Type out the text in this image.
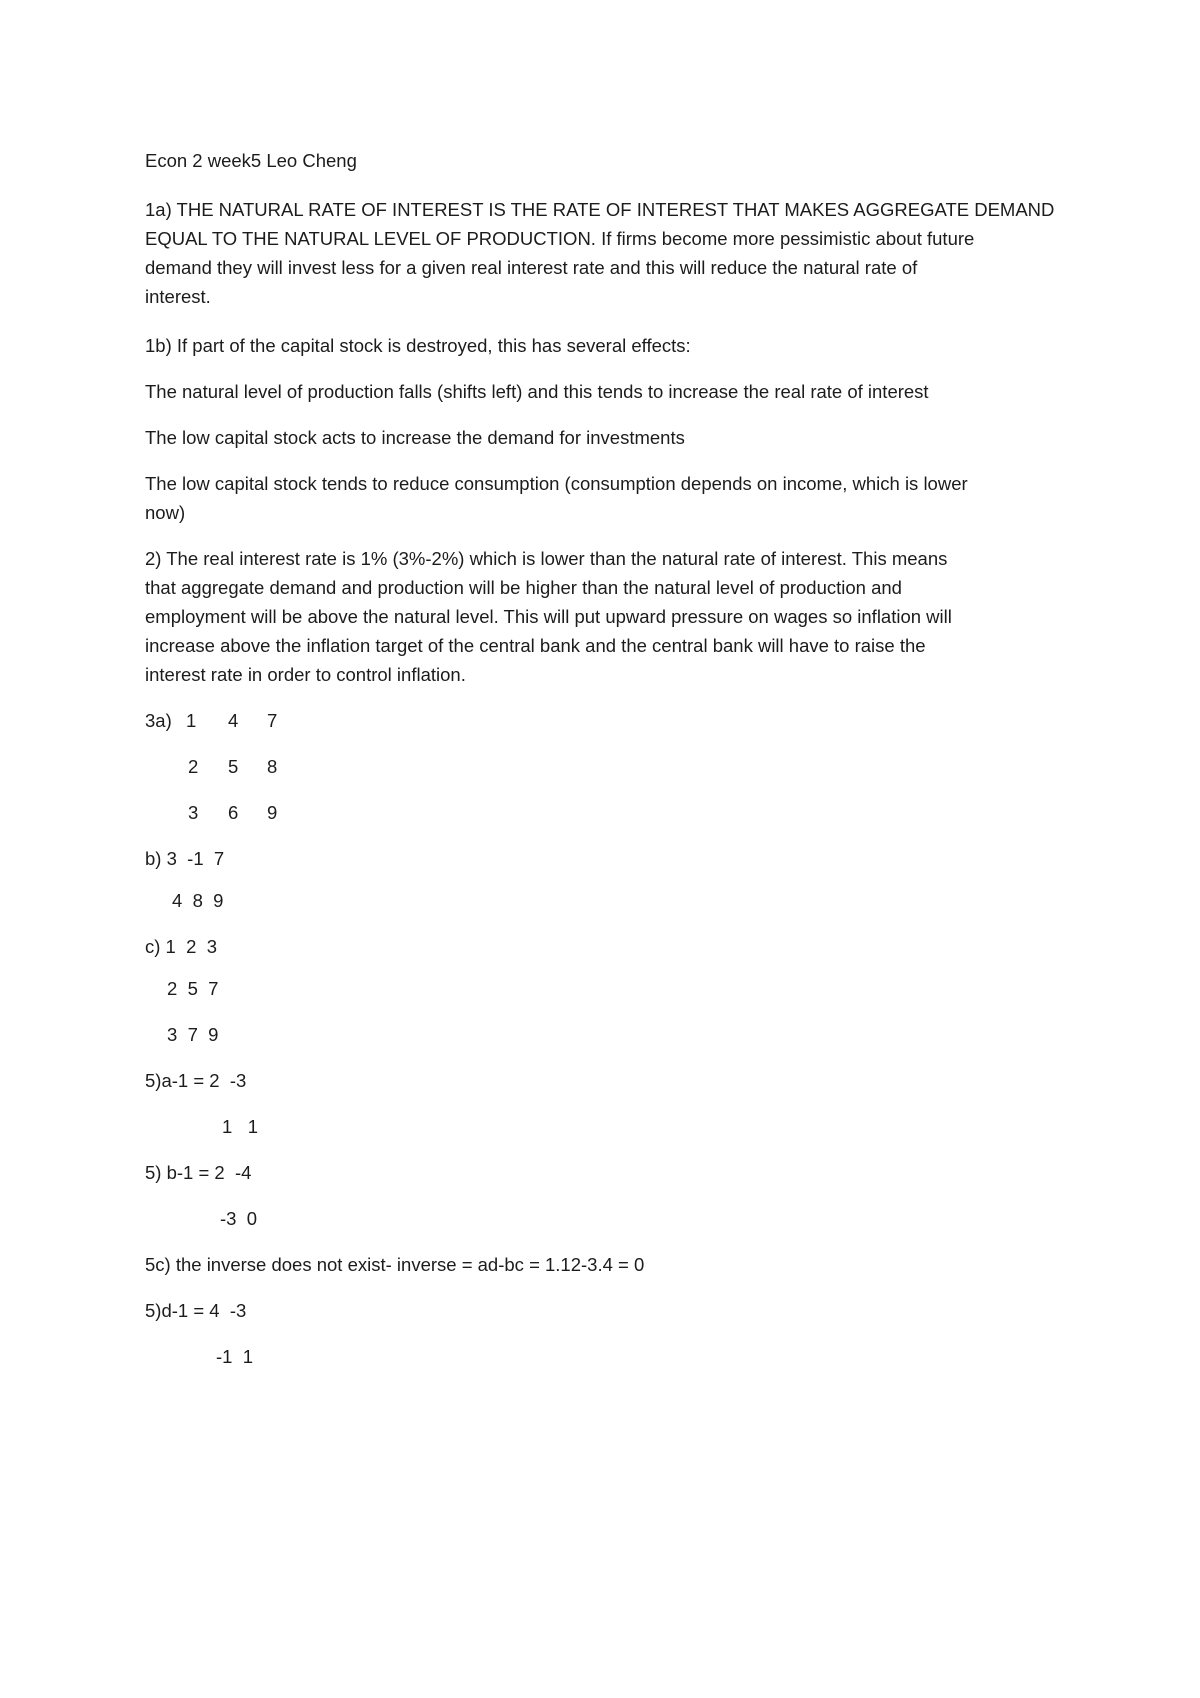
Econ 2 week5 Leo Cheng

1a) THE NATURAL RATE OF INTEREST IS THE RATE OF INTEREST THAT MAKES AGGREGATE DEMAND

EQUAL TO THE NATURAL LEVEL OF PRODUCTION. If firms become more pessimistic about future

demand they will invest less for a given real interest rate and this will reduce the natural rate of

interest.

1b) If part of the capital stock is destroyed, this has several effects:

The natural level of production falls (shifts left) and this tends to increase the real rate of interest

The low capital stock acts to increase the demand for investments

The low capital stock tends to reduce consumption (consumption depends on income, which is lower

now)

2) The real interest rate is 1% (3%-2%) which is lower than the natural rate of interest. This means

that aggregate demand and production will be higher than the natural level of production and

employment will be above the natural level. This will put upward pressure on wages so inflation will

increase above the inflation target of the central bank and the central bank will have to raise the

interest rate in order to control inflation.

3a) 1 4 7
2 5 8
3 6 9

b) 3  -1  7

4  8  9

c) 1  2  3

2  5  7
3  7  9

5)a-1 = 2  -3

1   1

5) b-1 = 2  -4

-3  0

5c) the inverse does not exist- inverse = ad-bc = 1.12-3.4 = 0

5)d-1 = 4  -3

-1  1
